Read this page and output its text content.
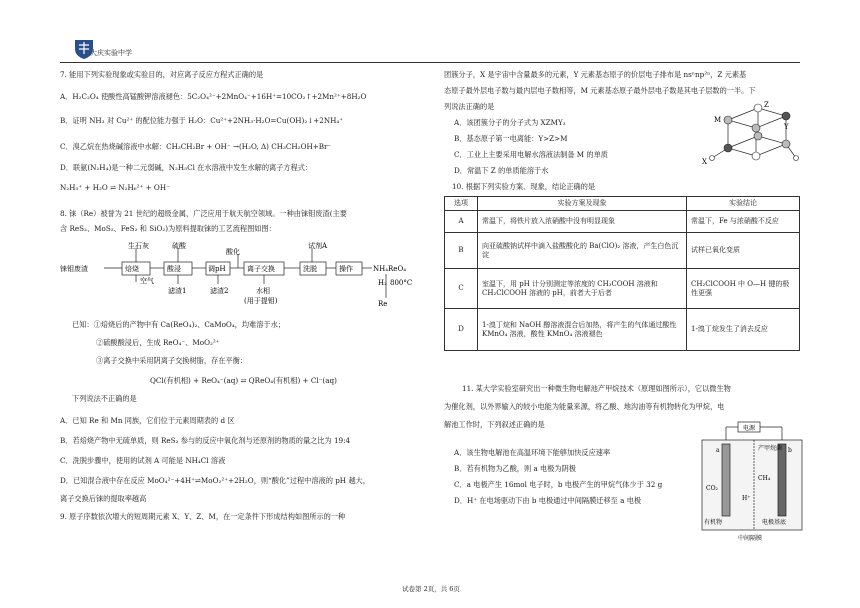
大庆实验中学

7. 能用下列实验现象或实验目的，对应离子反应方程式正确的是

A．H₂C₂O₄ 使酸性高锰酸钾溶液褪色：5C₂O₄²⁻+2MnO₄⁻+16H⁺=10CO₂↑+2Mn²⁺+8H₂O
B．证明 NH₃ 对 Cu²⁺ 的配位能力强于 H₂O：Cu²⁺+2NH₃·H₂O=Cu(OH)₂↓+2NH₄⁺
C．溴乙烷在热烧碱溶液中水解：CH₃CH₂Br + OH⁻ →(H₂O, Δ) CH₃CH₂OH+Br⁻
D．联氨(N₂H₄)是一种二元弱碱，N₂H₅Cl 在水溶液中发生水解的离子方程式：
N₂H₅⁺ + H₂O ⇌ N₂H₆²⁺ + OH⁻
8. 铼（Re）被誉为 21 世纪的超级金属，广泛应用于航天航空领域。一种由铼钼废渣(主要
含 ReS₂、MoS₂、FeS₂ 和 SiO₂)为原料提取铼的工艺流程图如图：
铼钼废渣	焙烧	酸浸	调pH	离子交换	洗脱	操作	NH₄ReO₄
生石灰	硫酸
空气
酸化
试剂A
滤渣1	滤渣2	水相
(用于提钼)
H₂ 800°C
Re
已知：①焙烧后的产物中有 Ca(ReO₄)₂、CaMoO₄，均难溶于水；
②硫酸酸浸后，生成 ReO₄⁻、MoO₂²⁺
③离子交换中采用阴离子交换树脂，存在平衡：
QCl(有机相) + ReO₄⁻(aq) ⇌ QReO₄(有机相) + Cl⁻(aq)
下列说法不正确的是
A．已知 Re 和 Mn 同族，它们位于元素周期表的 d 区
B．若焙烧产物中无硫单质，则 ReS₂ 参与的反应中氧化剂与还原剂的物质的量之比为 19:4
C．洗脱步骤中，使用的试剂 A 可能是 NH₄Cl 溶液
D．已知混合液中存在反应 MoO₄²⁻+4H⁺⇌MoO₂²⁺+2H₂O，则“酸化”过程中溶液的 pH 越大，
离子交换后铼的提取率越高
9. 原子序数依次增大的短周期元素 X、Y、Z、M，在一定条件下形成结构如图所示的一种
团簇分子，X 是宇宙中含量最多的元素，Y 元素基态原子的价层电子排布是 nsⁿnp²ⁿ，Z 元素基
态原子最外层电子数与最内层电子数相等，M 元素基态原子最外层电子数是其电子层数的一半。下
列说法正确的是
A．该团簇分子的分子式为 XZMY₃
B．基态原子第一电离能：Y>Z>M
C．工业上主要采用电解水溶液法制备 M 的单质
D．常温下 Z 的单质能溶于水
Z
M
Y
X
10. 根据下列实验方案、现象，结论正确的是
选项	实验方案及现象	实验结论
A	常温下，将铁片放入浓硝酸中没有明显现象	常温下，Fe 与浓硝酸不反应
B	向亚硫酸钠试样中滴入盐酸酸化的 Ba(ClO)₂ 溶液，产生白色沉淀	试样已氧化变质
C	室温下，用 pH 计分别测定等浓度的 CH₃COOH 溶液和 CH₂ClCOOH 溶液的 pH，前者大于后者	CH₂ClCOOH 中 O—H 键的极性更强
D	1-溴丁烷和 NaOH 醇溶液混合后加热，将产生的气体通过酸性 KMnO₄ 溶液，酸性 KMnO₄ 溶液褪色	1-溴丁烷发生了消去反应
11. 某大学实验室研究出一种微生物电解池产甲烷技术（原理如图所示），它以微生物
为催化剂，以外界输入的较小电能为能量来源，将乙酸、地沟油等有机物转化为甲烷，电
解池工作时，下列叙述正确的是
A．该生物电解池在高温环境下能够加快反应速率
B．若有机物为乙酸，则 a 电极为阴极
C．a 电极产生 16mol 电子时，b 电极产生的甲烷气体少于 32 g
D．H⁺ 在电场驱动下由 b 电极通过中间隔膜迁移至 a 电极
电源
a	b
CO₂
有机物
CH₄
H⁺
产甲烷菌
电极基底
中间隔膜
试卷第 2页，共 6页
